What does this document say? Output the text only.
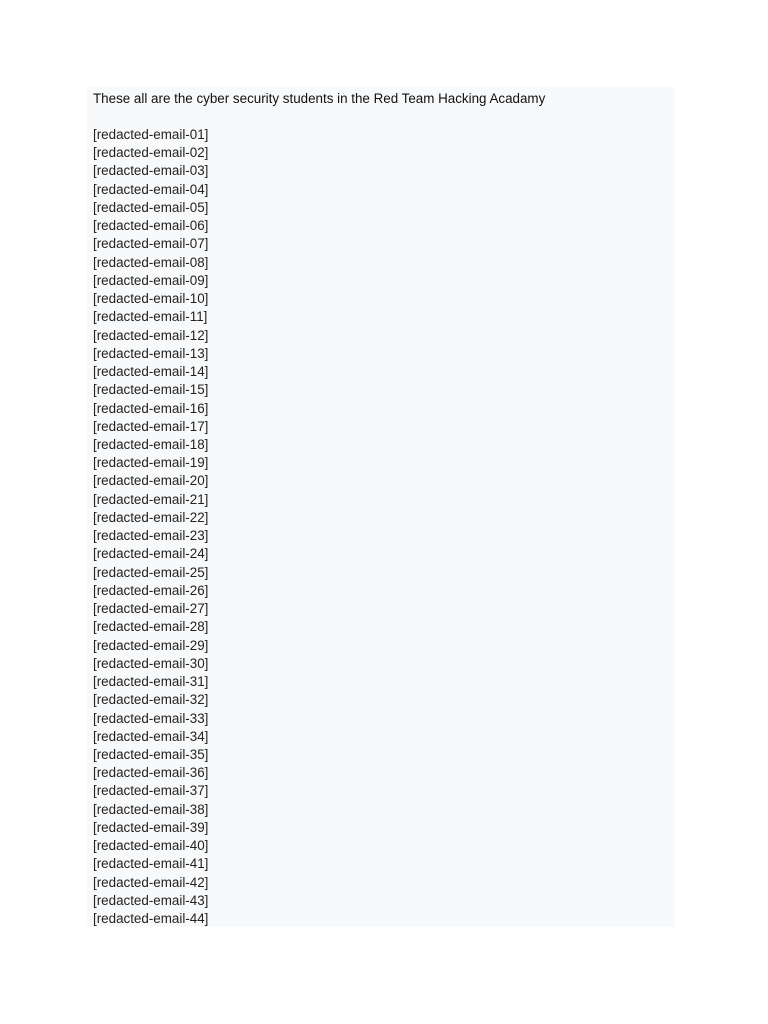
These all are the cyber security students in the Red Team Hacking Acadamy

[redacted-email-01]
[redacted-email-02]
[redacted-email-03]
[redacted-email-04]
[redacted-email-05]
[redacted-email-06]
[redacted-email-07]
[redacted-email-08]
[redacted-email-09]
[redacted-email-10]
[redacted-email-11]
[redacted-email-12]
[redacted-email-13]
[redacted-email-14]
[redacted-email-15]
[redacted-email-16]
[redacted-email-17]
[redacted-email-18]
[redacted-email-19]
[redacted-email-20]
[redacted-email-21]
[redacted-email-22]
[redacted-email-23]
[redacted-email-24]
[redacted-email-25]
[redacted-email-26]
[redacted-email-27]
[redacted-email-28]
[redacted-email-29]
[redacted-email-30]
[redacted-email-31]
[redacted-email-32]
[redacted-email-33]
[redacted-email-34]
[redacted-email-35]
[redacted-email-36]
[redacted-email-37]
[redacted-email-38]
[redacted-email-39]
[redacted-email-40]
[redacted-email-41]
[redacted-email-42]
[redacted-email-43]
[redacted-email-44]
